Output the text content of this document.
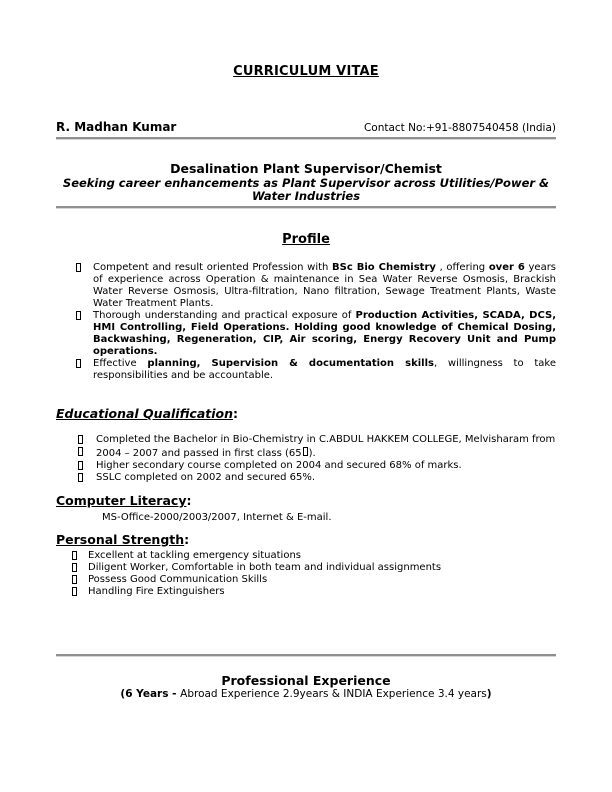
CURRICULUM VITAE
R. Madhan Kumar	Contact No:+91-8807540458 (India)
Desalination Plant Supervisor/Chemist
Seeking career enhancements as Plant Supervisor across Utilities/Power & Water Industries
Profile
Competent and result oriented Profession with BSc Bio Chemistry , offering over 6 years of experience across Operation & maintenance in Sea Water Reverse Osmosis, Brackish Water Reverse Osmosis, Ultra-filtration, Nano filtration, Sewage Treatment Plants, Waste Water Treatment Plants.
Thorough understanding and practical exposure of Production Activities, SCADA, DCS, HMI Controlling, Field Operations. Holding good knowledge of Chemical Dosing, Backwashing, Regeneration, CIP, Air scoring, Energy Recovery Unit and Pump operations.
Effective planning, Supervision & documentation skills, willingness to take responsibilities and be accountable.
Educational Qualification:
Completed the Bachelor in Bio-Chemistry in C.ABDUL HAKKEM COLLEGE, Melvisharam from
2004 – 2007 and passed in first class (65 ).
Higher secondary course completed on 2004 and secured 68% of marks.
SSLC completed on 2002 and secured 65%.
Computer Literacy:
MS-Office-2000/2003/2007, Internet & E-mail.
Personal Strength:
Excellent at tackling emergency situations
Diligent Worker, Comfortable in both team and individual assignments
Possess Good Communication Skills
Handling Fire Extinguishers
Professional Experience
(6 Years - Abroad Experience 2.9years & INDIA Experience 3.4 years)
